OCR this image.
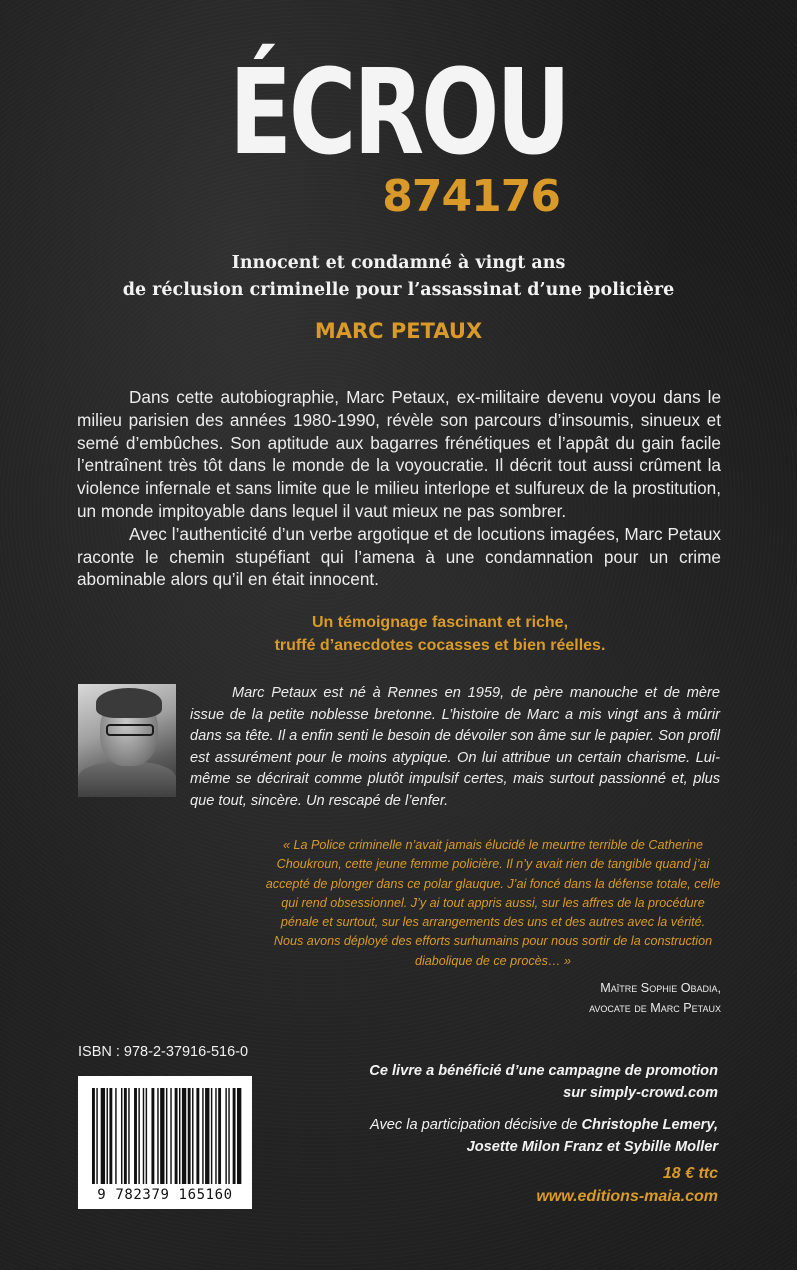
ÉCROU
874176
Innocent et condamné à vingt ans
de réclusion criminelle pour l’assassinat d’une policière
MARC PETAUX

Dans cette autobiographie, Marc Petaux, ex-militaire devenu voyou dans le milieu parisien des années 1980-1990, révèle son parcours d’insoumis, sinueux et semé d’embûches. Son aptitude aux bagarres frénétiques et l’appât du gain facile l’entraînent très tôt dans le monde de la voyoucratie. Il décrit tout aussi crûment la violence infernale et sans limite que le milieu interlope et sulfureux de la prostitution, un monde impitoyable dans lequel il vaut mieux ne pas sombrer.

Avec l’authenticité d’un verbe argotique et de locutions imagées, Marc Petaux raconte le chemin stupéfiant qui l’amena à une condamnation pour un crime abominable alors qu’il en était innocent.

Un témoignage fascinant et riche,
truffé d’anecdotes cocasses et bien réelles.

Marc Petaux est né à Rennes en 1959, de père manouche et de mère issue de la petite noblesse bretonne. L’histoire de Marc a mis vingt ans à mûrir dans sa tête. Il a enfin senti le besoin de dévoiler son âme sur le papier. Son profil est assurément pour le moins atypique. On lui attribue un certain charisme. Lui-même se décrirait comme plutôt impulsif certes, mais surtout passionné et, plus que tout, sincère. Un rescapé de l’enfer.

« La Police criminelle n’avait jamais élucidé le meurtre terrible de Catherine Choukroun, cette jeune femme policière. Il n’y avait rien de tangible quand j’ai accepté de plonger dans ce polar glauque. J’ai foncé dans la défense totale, celle qui rend obsessionnel. J’y ai tout appris aussi, sur les affres de la procédure pénale et surtout, sur les arrangements des uns et des autres avec la vérité. Nous avons déployé des efforts surhumains pour nous sortir de la construction diabolique de ce procès… »

Maître Sophie Obadia,
avocate de Marc Petaux
ISBN : 978-2-37916-516-0
9 782379 165160
Ce livre a bénéficié d’une campagne de promotion
sur simply-crowd.com
Avec la participation décisive de Christophe Lemery,
Josette Milon Franz et Sybille Moller
18 € ttc
www.editions-maia.com
